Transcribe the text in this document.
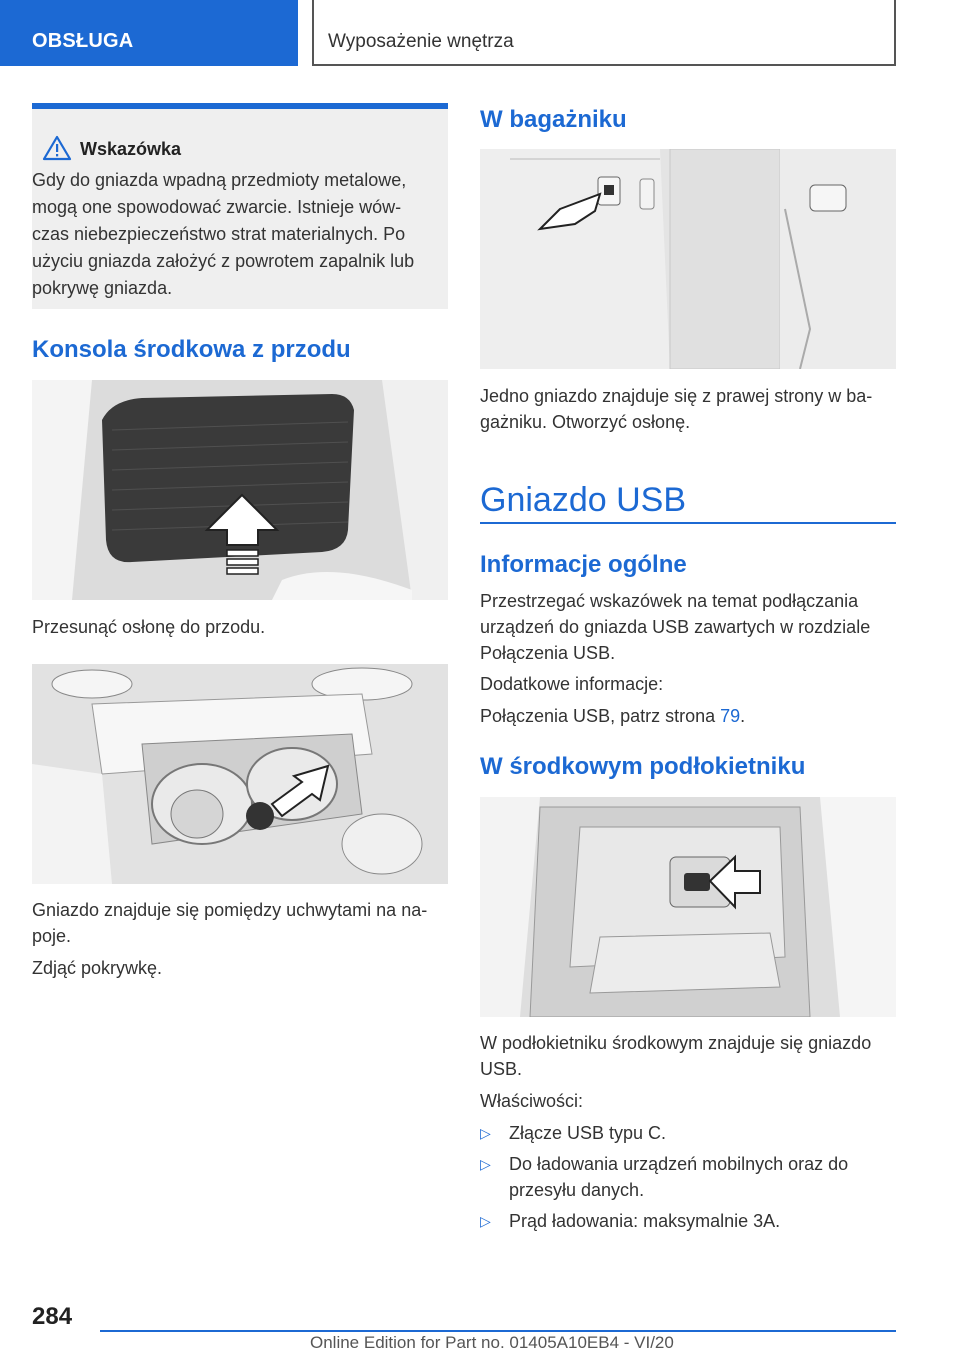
OBSŁUGA	Wyposażenie wnętrza
Wskazówka
Gdy do gniazda wpadną przedmioty metalowe,
mogą one spowodować zwarcie. Istnieje wów-
czas niebezpieczeństwo strat materialnych. Po
użyciu gniazda założyć z powrotem zapalnik lub
pokrywę gniazda.
Konsola środkowa z przodu

Przesunąć osłonę do przodu.

Gniazdo znajduje się pomiędzy uchwytami na na-
poje.

Zdjąć pokrywkę.

W bagażniku
Jedno gniazdo znajduje się z prawej strony w ba-
gażniku. Otworzyć osłonę.
Gniazdo USB
Informacje ogólne
Przestrzegać wskazówek na temat podłączania
urządzeń do gniazda USB zawartych w rozdziale
Połączenia USB.

Dodatkowe informacje:

Połączenia USB, patrz strona 79.

W środkowym podłokietniku
W podłokietniku środkowym znajduje się gniazdo
USB.

Właściwości:

▷ Złącze USB typu C.
▷ Do ładowania urządzeń mobilnych oraz do
przesyłu danych.
▷ Prąd ładowania: maksymalnie 3A.
284
Online Edition for Part no. 01405A10EB4 - VI/20
